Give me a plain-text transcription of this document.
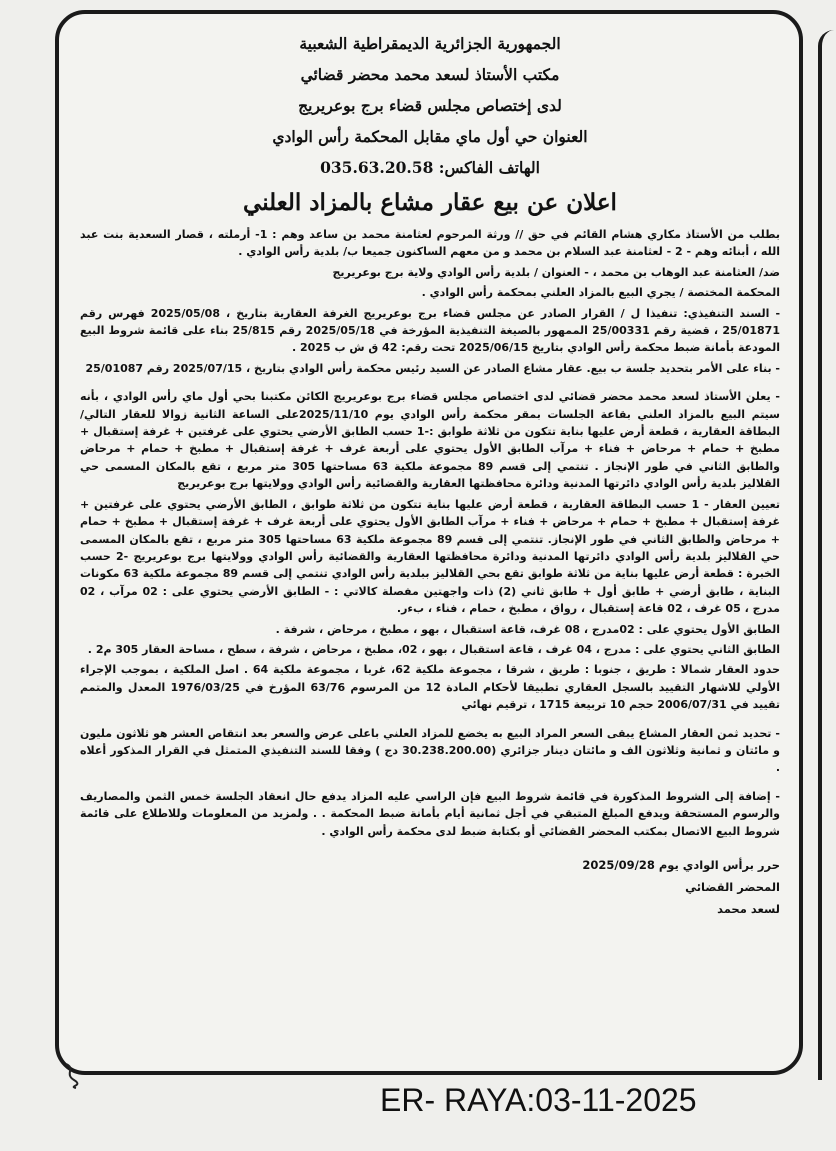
الجمهورية الجزائرية الديمقراطية الشعبية
مكتب الأستاذ لسعد محمد محضر قضائي
لدى إختصاص مجلس قضاء برج بوعريريج
العنوان حي أول ماي مقابل المحكمة رأس الوادي
الهاتف الفاكس: 035.63.20.58
اعلان عن بيع عقار مشاع بالمزاد العلني

بطلب من الأستاذ مكاري هشام القائم في حق // ورثة المرحوم لعثامنة محمد بن ساعد وهم : 1- أرملته ، قصار السعدية بنت عبد الله ، أبنائه وهم - 2 - لعثامنة عبد السلام بن محمد و من معهم الساكنون جميعا ب/ بلدية رأس الوادي .

ضد/ العثامنة عبد الوهاب بن محمد ، - العنوان / بلدية رأس الوادي ولاية برج بوعريريج

المحكمة المختصة / يجري البيع بالمزاد العلني بمحكمة رأس الوادي .

- السند التنفيذي: تنفيذا ل / القرار الصادر عن مجلس قضاء برج بوعريريج الغرفة العقارية بتاريخ ، 2025/05/08 فهرس رقم 25/01871 ، قضية رقم 25/00331 الممهور بالصيغة التنفيذية المؤرخة في 2025/05/18 رقم 25/815 بناء على قائمة شروط البيع المودعة بأمانة ضبط محكمة رأس الوادي بتاريخ 2025/06/15 تحت رقم: 42 ق ش ب 2025 .

- بناء على الأمر بتحديد جلسة ب بيع. عقار مشاع الصادر عن السيد رئيس محكمة رأس الوادي بتاريخ ، 2025/07/15 رقم 25/01087

- يعلن الأستاذ لسعد محمد محضر قضائي لدى اختصاص مجلس قضاء برج بوعريريج الكائن مكتبنا بحي أول ماي رأس الوادي ، بأنه سيتم البيع بالمزاد العلني بقاعة الجلسات بمقر محكمة رأس الوادي يوم 2025/11/10على الساعة الثانية زوالا للعقار التالي/ البطاقة العقارية ، قطعة أرض عليها بناية تتكون من ثلاثة طوابق :-1 حسب الطابق الأرضي يحتوي على غرفتين + غرفة إستقبال + مطبخ + حمام + مرحاض + فناء + مرآب الطابق الأول يحتوي على أربعة غرف + غرفة إستقبال + مطبخ + حمام + مرحاض والطابق الثاني في طور الإنجاز . تنتمي إلى قسم 89 مجموعة ملكية 63 مساحتها 305 متر مربع ، تقع بالمكان المسمى حي القلاليز بلدية رأس الوادي دائرتها المدنية ودائرة محافظتها العقارية والقضائية رأس الوادي وولايتها برج بوعريريج

تعيين العقار - 1 حسب البطاقة العقارية ، قطعة أرض عليها بناية تتكون من ثلاثة طوابق ، الطابق الأرضي يحتوي على غرفتين + غرفة إستقبال + مطبخ + حمام + مرحاض + فناء + مرآب الطابق الأول يحتوي على أربعة غرف + غرفة إستقبال + مطبخ + حمام + مرحاض والطابق الثاني في طور الإنجاز. تنتمي إلى قسم 89 مجموعة ملكية 63 مساحتها 305 متر مربع ، تقع بالمكان المسمى حي القلاليز بلدية رأس الوادي دائرتها المدنية ودائرة محافظتها العقارية والقضائية رأس الوادي وولايتها برج بوعريريج -2 حسب الخبرة : قطعة أرض عليها بناية من ثلاثة طوابق تقع بحي القلاليز ببلدية رأس الوادي تنتمي إلى قسم 89 مجموعة ملكية 63 مكونات البناية ، طابق أرضي + طابق أول + طابق ثاني (2) ذات واجهتين مفصلة كالاتي : - الطابق الأرضي يحتوي على : 02 مرآب ، 02 مدرج ، 05 غرف ، 02 قاعة إستقبال ، رواق ، مطبخ ، حمام ، فناء ، بءر.

الطابق الأول يحتوي على : 02مدرج ، 08 غرف، قاعة استقبال ، بهو ، مطبخ ، مرحاض ، شرفة .

الطابق الثاني يحتوي على : مدرج ، 04 غرف ، قاعة استقبال ، بهو ، 02، مطبخ ، مرحاض ، شرفة ، سطح ، مساحة العقار 305 م2 .

حدود العقار شمالا : طريق ، جنوبا : طريق ، شرقا ، مجموعة ملكية 62، غربا ، مجموعة ملكية 64 . اصل الملكية ، بموجب الإجراء الأولي للاشهار التقييد بالسجل العقاري تطبيقا لأحكام المادة 12 من المرسوم 63/76 المؤرخ في 1976/03/25 المعدل والمتمم تقييد في 2006/07/31 حجم 10 تربيعة 1715 ، ترقيم نهائي

- تحديد ثمن العقار المشاع يبقى السعر المراد البيع به يخضع للمزاد العلني باعلى عرض والسعر بعد انتقاص العشر هو ثلاثون مليون و مائتان و ثمانية وثلاثون الف و مائتان دينار جزائري (30.238.200.00 دج ) وفقا للسند التنفيذي المتمثل في القرار المذكور أعلاه .

- إضافة إلى الشروط المذكورة في قائمة شروط البيع فإن الراسي عليه المزاد يدفع حال انعقاد الجلسة خمس الثمن والمصاريف والرسوم المستحقة ويدفع المبلغ المتبقي في أجل ثمانية أيام بأمانة ضبط المحكمة . . ولمزيد من المعلومات وللاطلاع على قائمة شروط البيع الاتصال بمكتب المحضر القضائي أو بكتابة ضبط لدى محكمة رأس الوادي .

حرر برأس الوادي يوم 2025/09/28
المحضر القضائي
لسعد محمد
ER- RAYA:03-11-2025
